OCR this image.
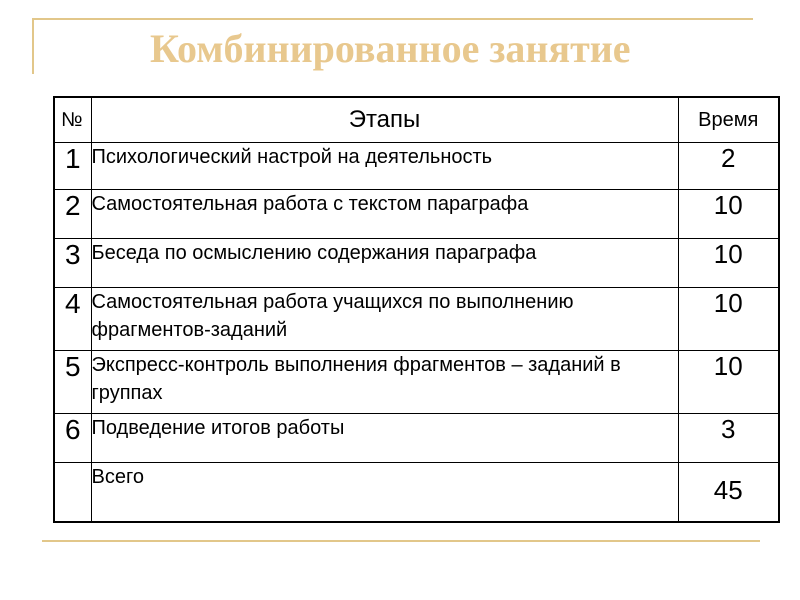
Комбинированное занятие
№	Этапы	Время
1	Психологический настрой на деятельность	2
2	Самостоятельная работа с текстом параграфа	10
3	Беседа по осмыслению содержания параграфа	10
4	Самостоятельная работа учащихся по выполнению фрагментов-заданий	10
5	Экспресс-контроль выполнения фрагментов – заданий в группах	10
6	Подведение итогов работы	3
	Всего	45
